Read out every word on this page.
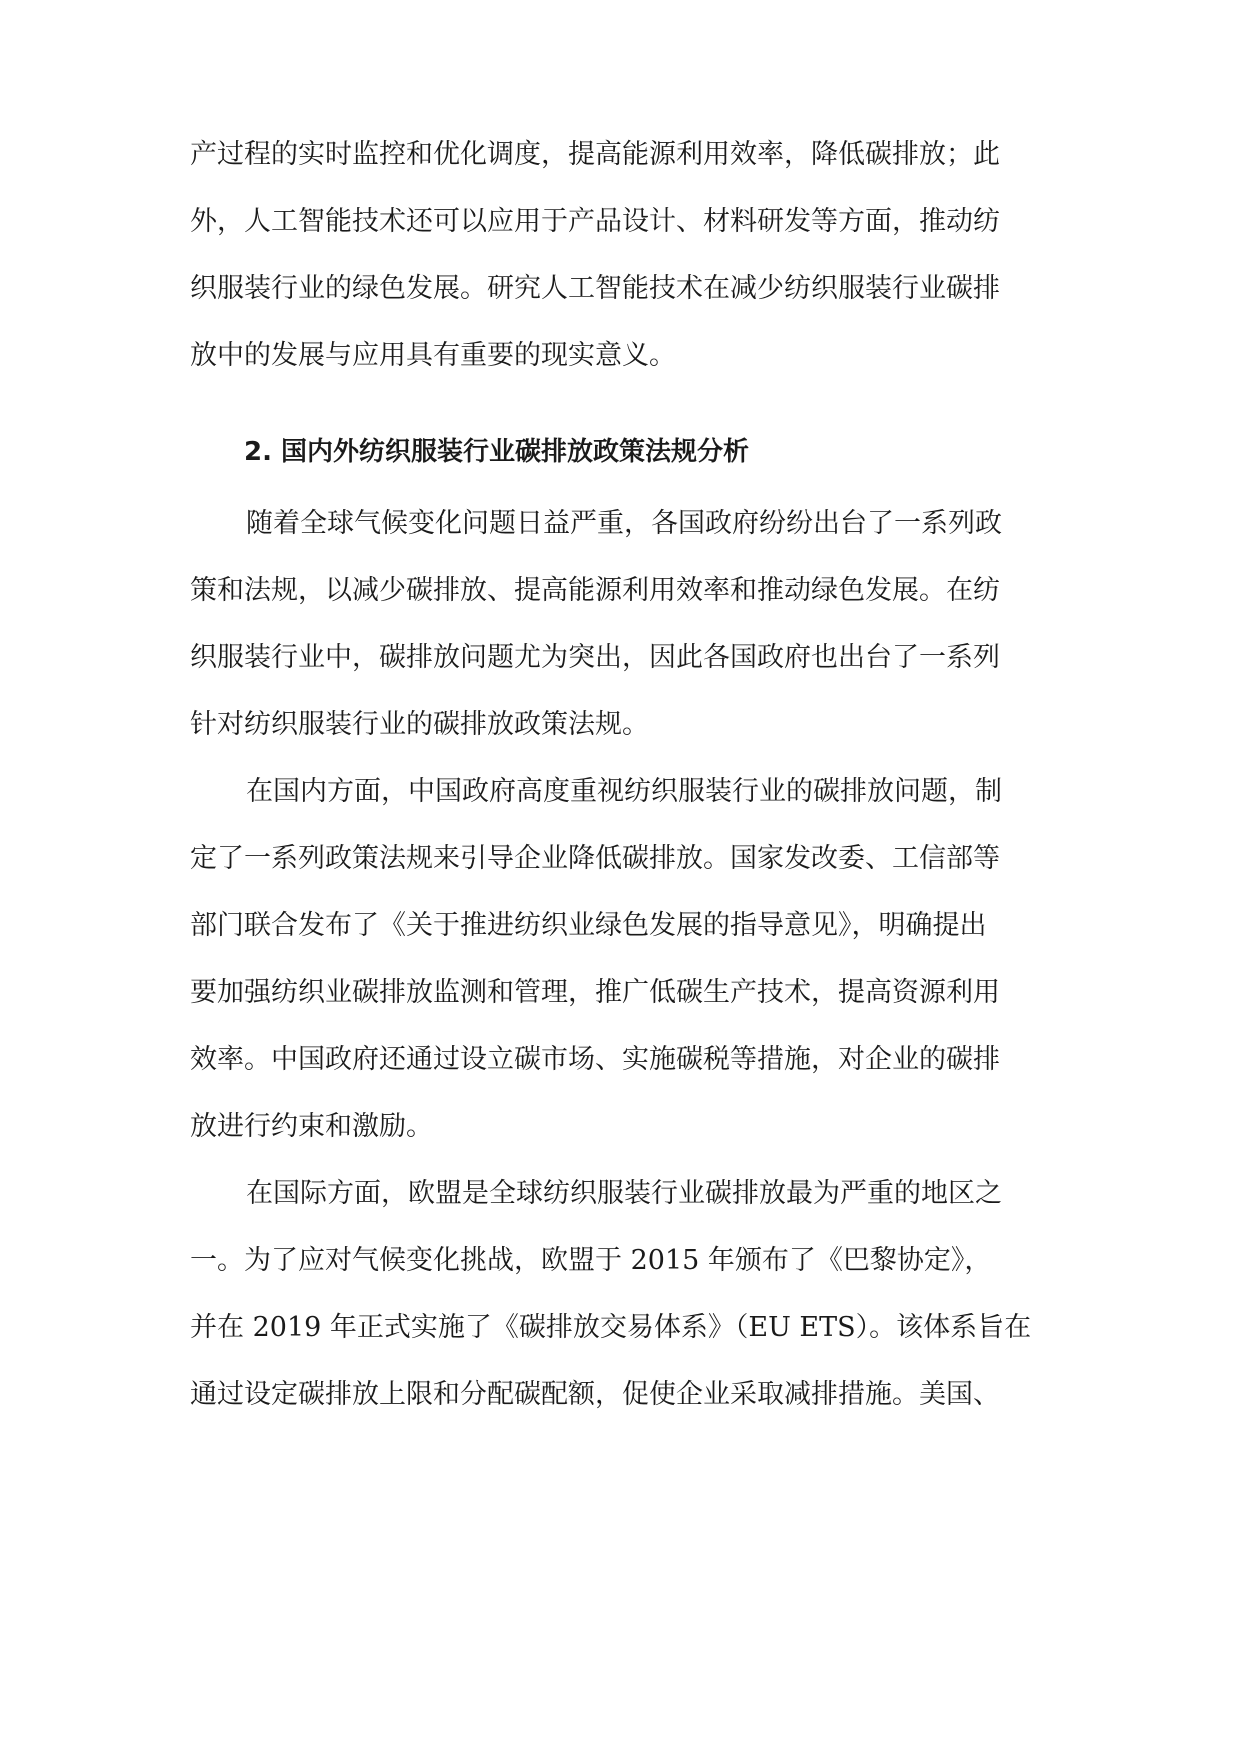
产过程的实时监控和优化调度，提高能源利用效率，降低碳排放；此
外，人工智能技术还可以应用于产品设计、材料研发等方面，推动纺
织服装行业的绿色发展。研究人工智能技术在减少纺织服装行业碳排
放中的发展与应用具有重要的现实意义。
2. 国内外纺织服装行业碳排放政策法规分析
随着全球气候变化问题日益严重，各国政府纷纷出台了一系列政
策和法规，以减少碳排放、提高能源利用效率和推动绿色发展。在纺
织服装行业中，碳排放问题尤为突出，因此各国政府也出台了一系列
针对纺织服装行业的碳排放政策法规。
在国内方面，中国政府高度重视纺织服装行业的碳排放问题，制
定了一系列政策法规来引导企业降低碳排放。国家发改委、工信部等
部门联合发布了《关于推进纺织业绿色发展的指导意见》，明确提出
要加强纺织业碳排放监测和管理，推广低碳生产技术，提高资源利用
效率。中国政府还通过设立碳市场、实施碳税等措施，对企业的碳排
放进行约束和激励。
在国际方面，欧盟是全球纺织服装行业碳排放最为严重的地区之
一。为了应对气候变化挑战，欧盟于 2015 年颁布了《巴黎协定》，
并在 2019 年正式实施了《碳排放交易体系》（EU ETS）。该体系旨在
通过设定碳排放上限和分配碳配额，促使企业采取减排措施。美国、
